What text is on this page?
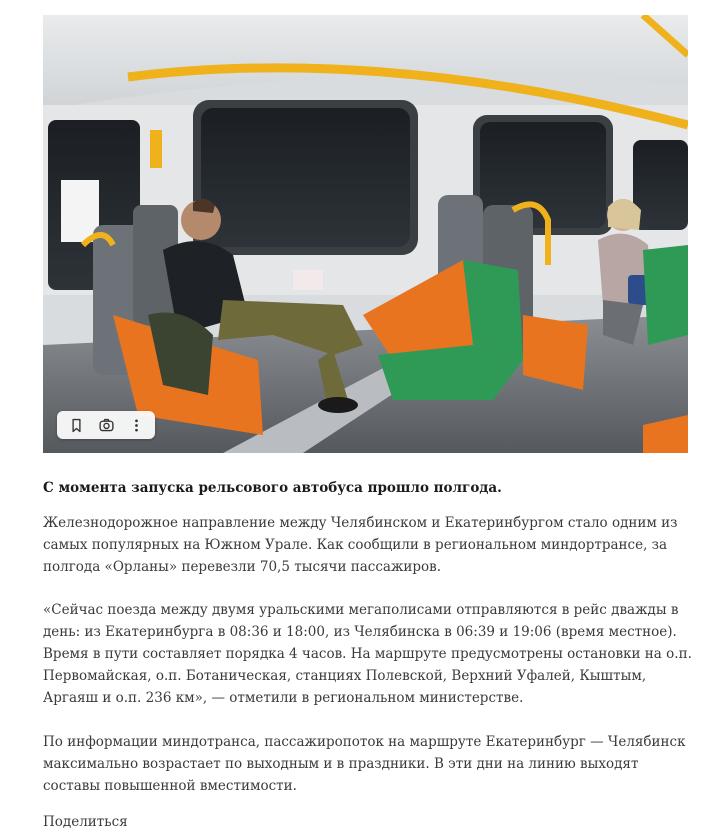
С момента запуска рельсового автобуса прошло полгода.

Железнодорожное направление между Челябинском и Екатеринбургом стало одним из самых популярных на Южном Урале. Как сообщили в региональном миндортрансе, за полгода «Орланы» перевезли 70,5 тысячи пассажиров.

«Сейчас поезда между двумя уральскими мегаполисами отправляются в рейс дважды в день: из Екатеринбурга в 08:36 и 18:00, из Челябинска в 06:39 и 19:06 (время местное). Время в пути составляет порядка 4 часов. На маршруте предусмотрены остановки на о.п. Первомайская, о.п. Ботаническая, станциях Полевской, Верхний Уфалей, Кыштым, Аргаяш и о.п. 236 км», — отметили в региональном министерстве.

По информации миндотранса, пассажиропоток на маршруте Екатеринбург — Челябинск максимально возрастает по выходным и в праздники. В эти дни на линию выходят составы повышенной вместимости.

Поделиться
